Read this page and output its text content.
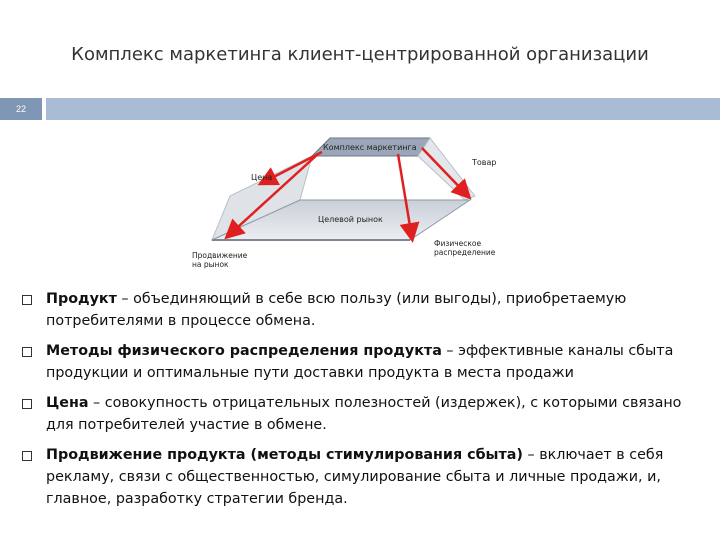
Комплекс маркетинга клиент-центрированной организации
22
Комплекс маркетинга
Целевой рынок
Товар
Цена
Физическое распределение
Продвижение на рынок
Продукт – объединяющий в себе всю пользу (или выгоды), приобретаемую потребителями в процессе обмена.
Методы физического распределения продукта – эффективные каналы сбыта продукции и оптимальные пути доставки продукта в места продажи
Цена – совокупность отрицательных полезностей (издержек), с которыми связано для потребителей участие в обмене.
Продвижение продукта (методы стимулирования сбыта) – включает в себя рекламу, связи с общественностью, симулирование сбыта и личные продажи, и, главное, разработку стратегии бренда.
